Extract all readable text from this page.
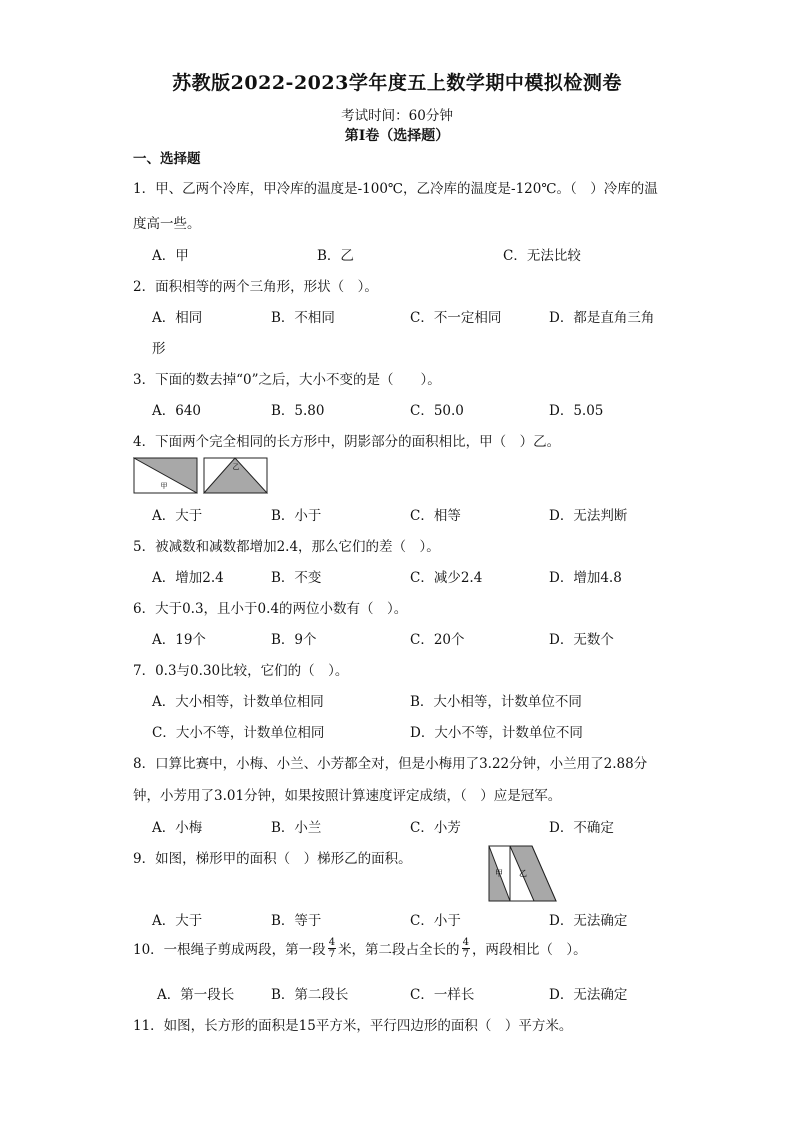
苏教版2022-2023学年度五上数学期中模拟检测卷
考试时间：60分钟
第I卷（选择题）
一、选择题
1．甲、乙两个冷库，甲冷库的温度是-100℃，乙冷库的温度是-120℃。（　）冷库的温
度高一些。
A．甲	B．乙	C．无法比较
2．面积相等的两个三角形，形状（　）。
A．相同	B．不相同	C．不一定相同	D．都是直角三角
形
3．下面的数去掉“0”之后，大小不变的是（　　）。
A．640	B．5.80	C．50.0	D．5.05
4．下面两个完全相同的长方形中，阴影部分的面积相比，甲（　）乙。
甲
乙
A．大于	B．小于	C．相等	D．无法判断
5．被减数和减数都增加2.4，那么它们的差（　）。
A．增加2.4	B．不变	C．减少2.4	D．增加4.8
6．大于0.3，且小于0.4的两位小数有（　）。
A．19个	B．9个	C．20个	D．无数个
7．0.3与0.30比较，它们的（　）。
A．大小相等，计数单位相同	B．大小相等，计数单位不同
C．大小不等，计数单位相同	D．大小不等，计数单位不同
8．口算比赛中，小梅、小兰、小芳都全对，但是小梅用了3.22分钟，小兰用了2.88分
钟，小芳用了3.01分钟，如果按照计算速度评定成绩，（　）应是冠军。
A．小梅	B．小兰	C．小芳	D．不确定
9．如图，梯形甲的面积（　）梯形乙的面积。
甲 乙
A．大于	B．等于	C．小于	D．无法确定
10．一根绳子剪成两段，第一段 $\frac{4}{7}$ 米，第二段占全长的 $\frac{4}{7}$ ，两段相比（　）。
A．第一段长	B．第二段长	C．一样长	D．无法确定
11．如图，长方形的面积是15平方米，平行四边形的面积（　）平方米。
